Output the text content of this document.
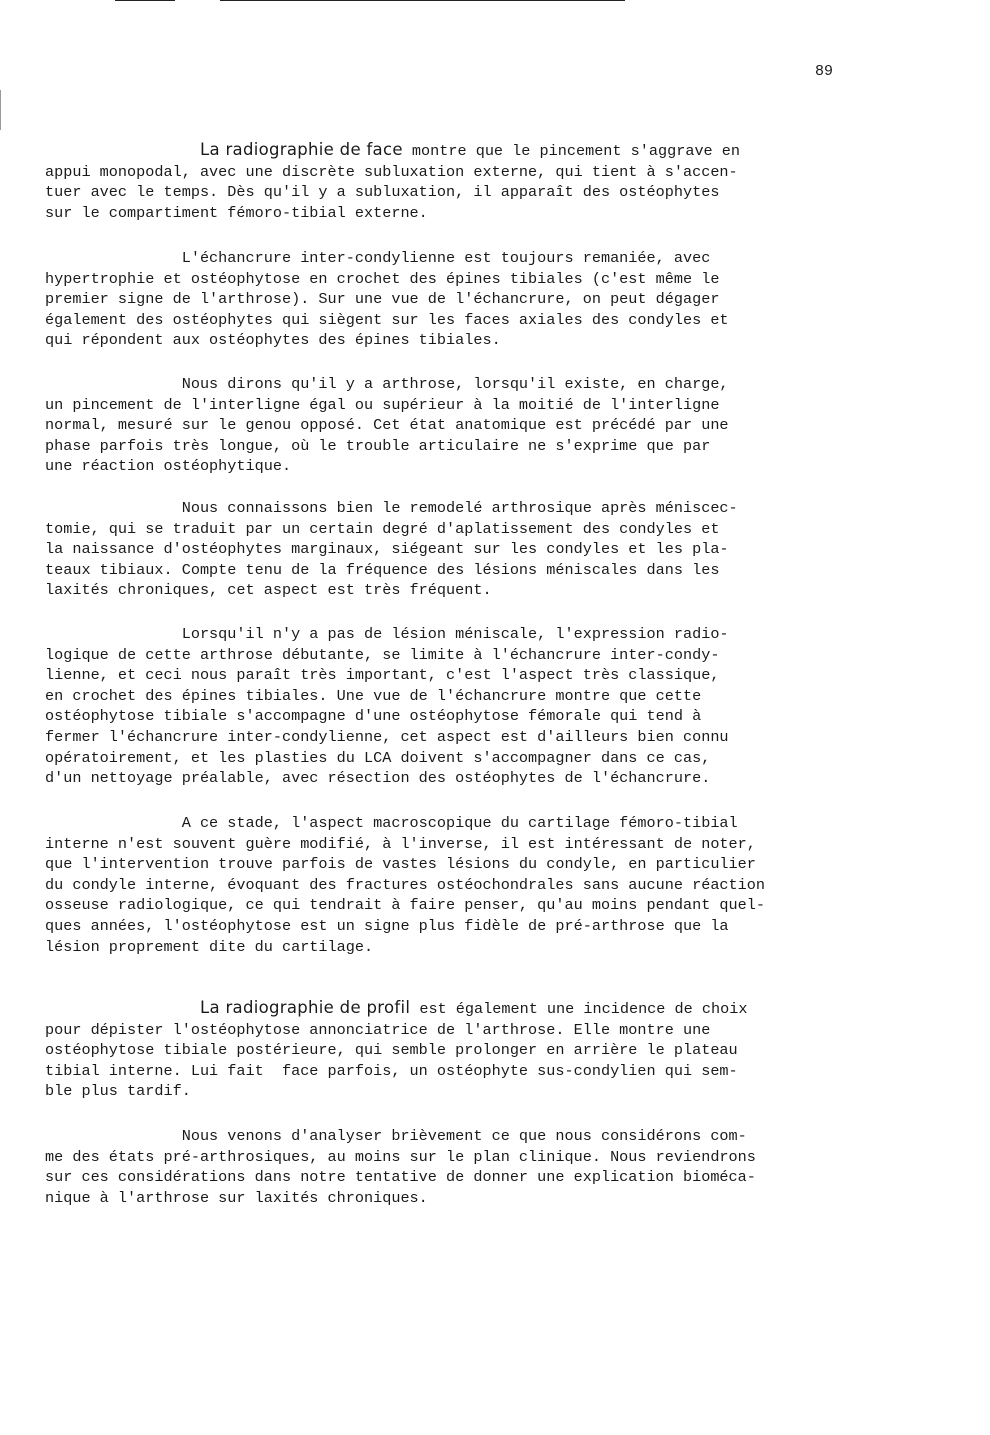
89
La radiographie de face montre que le pincement s'aggrave en
appui monopodal, avec une discrète subluxation externe, qui tient à s'accen-
tuer avec le temps. Dès qu'il y a subluxation, il apparaît des ostéophytes
sur le compartiment fémoro-tibial externe.
L'échancrure inter-condylienne est toujours remaniée, avec
hypertrophie et ostéophytose en crochet des épines tibiales (c'est même le
premier signe de l'arthrose). Sur une vue de l'échancrure, on peut dégager
également des ostéophytes qui siègent sur les faces axiales des condyles et
qui répondent aux ostéophytes des épines tibiales.
Nous dirons qu'il y a arthrose, lorsqu'il existe, en charge,
un pincement de l'interligne égal ou supérieur à la moitié de l'interligne
normal, mesuré sur le genou opposé. Cet état anatomique est précédé par une
phase parfois très longue, où le trouble articulaire ne s'exprime que par
une réaction ostéophytique.
Nous connaissons bien le remodelé arthrosique après méniscec-
tomie, qui se traduit par un certain degré d'aplatissement des condyles et
la naissance d'ostéophytes marginaux, siégeant sur les condyles et les pla-
teaux tibiaux. Compte tenu de la fréquence des lésions méniscales dans les
laxités chroniques, cet aspect est très fréquent.
Lorsqu'il n'y a pas de lésion méniscale, l'expression radio-
logique de cette arthrose débutante, se limite à l'échancrure inter-condy-
lienne, et ceci nous paraît très important, c'est l'aspect très classique,
en crochet des épines tibiales. Une vue de l'échancrure montre que cette
ostéophytose tibiale s'accompagne d'une ostéophytose fémorale qui tend à
fermer l'échancrure inter-condylienne, cet aspect est d'ailleurs bien connu
opératoirement, et les plasties du LCA doivent s'accompagner dans ce cas,
d'un nettoyage préalable, avec résection des ostéophytes de l'échancrure.
A ce stade, l'aspect macroscopique du cartilage fémoro-tibial
interne n'est souvent guère modifié, à l'inverse, il est intéressant de noter,
que l'intervention trouve parfois de vastes lésions du condyle, en particulier
du condyle interne, évoquant des fractures ostéochondrales sans aucune réaction
osseuse radiologique, ce qui tendrait à faire penser, qu'au moins pendant quel-
ques années, l'ostéophytose est un signe plus fidèle de pré-arthrose que la
lésion proprement dite du cartilage.
La radiographie de profil est également une incidence de choix
pour dépister l'ostéophytose annonciatrice de l'arthrose. Elle montre une
ostéophytose tibiale postérieure, qui semble prolonger en arrière le plateau
tibial interne. Lui fait  face parfois, un ostéophyte sus-condylien qui sem-
ble plus tardif.
Nous venons d'analyser brièvement ce que nous considérons com-
me des états pré-arthrosiques, au moins sur le plan clinique. Nous reviendrons
sur ces considérations dans notre tentative de donner une explication bioméca-
nique à l'arthrose sur laxités chroniques.
